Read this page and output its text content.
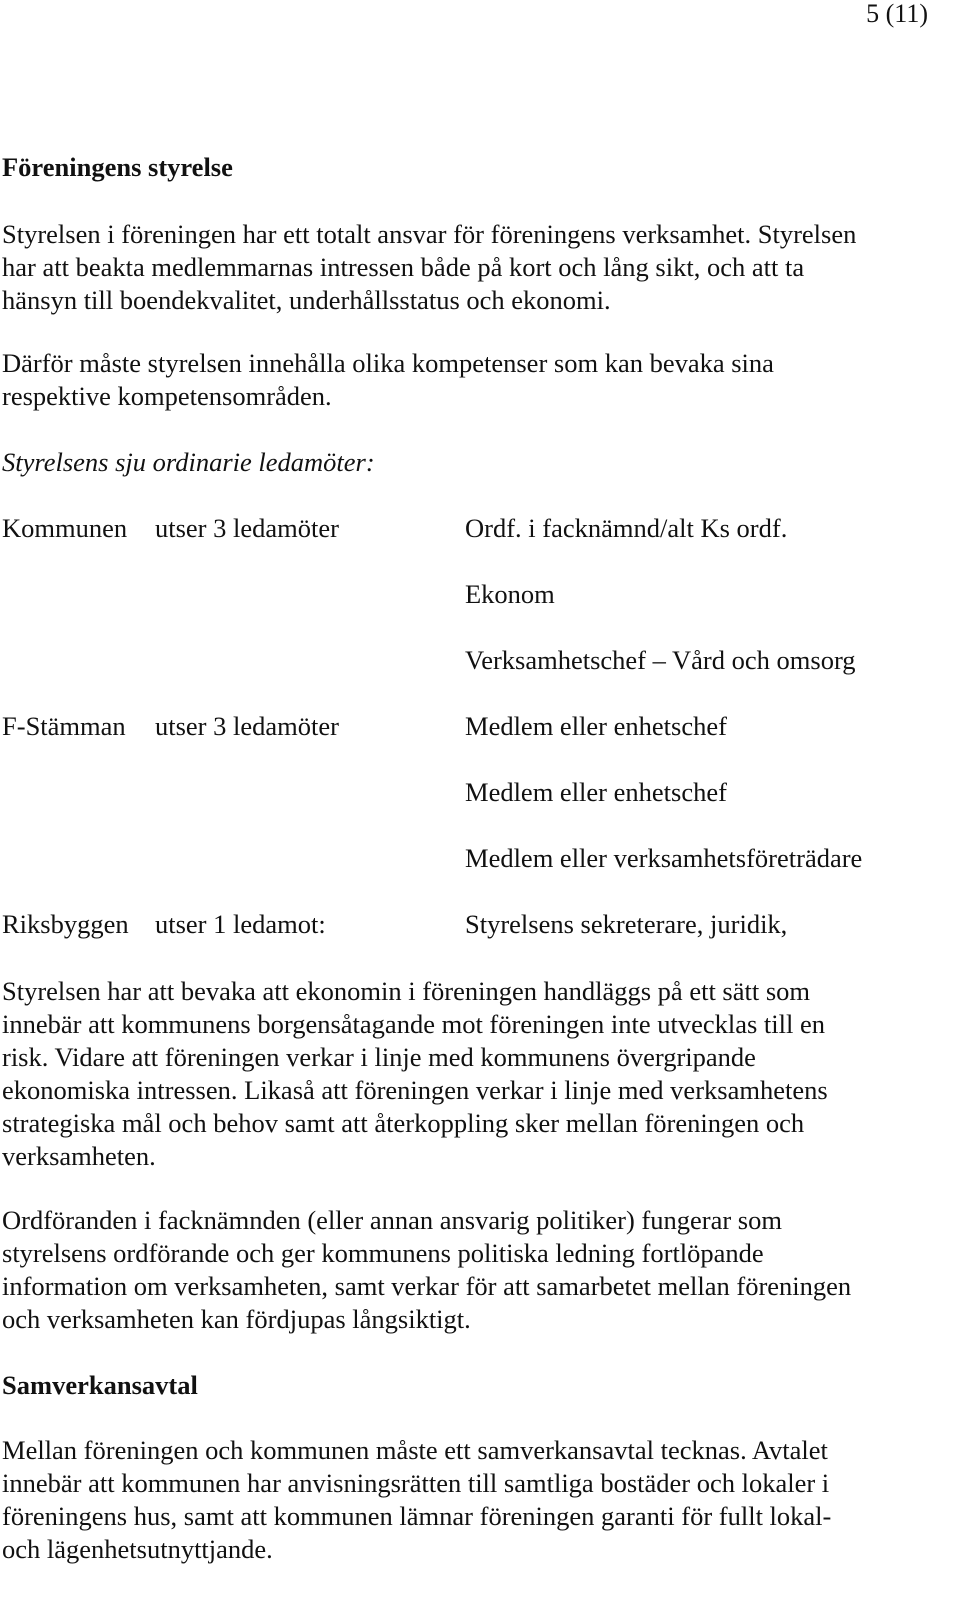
5 (11)
Föreningens styrelse
Styrelsen i föreningen har ett totalt ansvar för föreningens verksamhet. Styrelsen
har att beakta medlemmarnas intressen både på kort och lång sikt, och att ta
hänsyn till boendekvalitet, underhållsstatus och ekonomi.
Därför måste styrelsen innehålla olika kompetenser som kan bevaka sina
respektive kompetensområden.
Styrelsens sju ordinarie ledamöter:
Kommunen utser 3 ledamöter	Ordf. i facknämnd/alt Ks ordf.
Ekonom
Verksamhetschef – Vård och omsorg
F-Stämman utser 3 ledamöter	Medlem eller enhetschef
Medlem eller enhetschef
Medlem eller verksamhetsföreträdare
Riksbyggen utser 1 ledamot:	Styrelsens sekreterare, juridik,
Styrelsen har att bevaka att ekonomin i föreningen handläggs på ett sätt som
innebär att kommunens borgensåtagande mot föreningen inte utvecklas till en
risk. Vidare att föreningen verkar i linje med kommunens övergripande
ekonomiska intressen. Likaså att föreningen verkar i linje med verksamhetens
strategiska mål och behov samt att återkoppling sker mellan föreningen och
verksamheten.
Ordföranden i facknämnden (eller annan ansvarig politiker) fungerar som
styrelsens ordförande och ger kommunens politiska ledning fortlöpande
information om verksamheten, samt verkar för att samarbetet mellan föreningen
och verksamheten kan fördjupas långsiktigt.
Samverkansavtal
Mellan föreningen och kommunen måste ett samverkansavtal tecknas. Avtalet
innebär att kommunen har anvisningsrätten till samtliga bostäder och lokaler i
föreningens hus, samt att kommunen lämnar föreningen garanti för fullt lokal-
och lägenhetsutnyttjande.
